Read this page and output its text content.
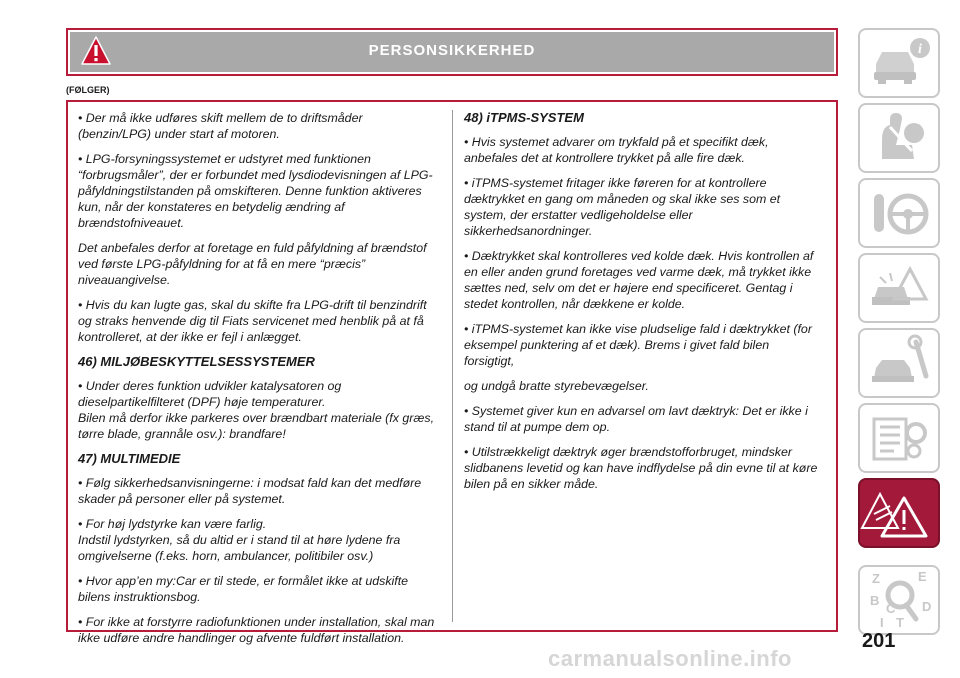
PERSONSIKKERHED
(FØLGER)

• Der må ikke udføres skift mellem de to driftsmåder (benzin/LPG) under start af motoren.

• LPG-forsyningssystemet er udstyret med funktionen “forbrugsmåler”, der er forbundet med lysdiodevisningen af LPG-påfyldningstilstanden på omskifteren. Denne funktion aktiveres kun, når der konstateres en betydelig ændring af brændstofniveauet.

Det anbefales derfor at foretage en fuld påfyldning af brændstof ved første LPG-påfyldning for at få en mere “præcis” niveauangivelse.

• Hvis du kan lugte gas, skal du skifte fra LPG-drift til benzindrift og straks henvende dig til Fiats servicenet med henblik på at få kontrolleret, at der ikke er fejl i anlægget.

46) MILJØBESKYTTELSESSYSTEMER

• Under deres funktion udvikler katalysatoren og dieselpartikelfilteret (DPF) høje temperaturer.

Bilen må derfor ikke parkeres over brændbart materiale (fx græs, tørre blade, grannåle osv.): brandfare!

47) MULTIMEDIE

• Følg sikkerhedsanvisningerne: i modsat fald kan det medføre skader på personer eller på systemet.

• For høj lydstyrke kan være farlig.

Indstil lydstyrken, så du altid er i stand til at høre lydene fra omgivelserne (f.eks. horn, ambulancer, politibiler osv.)

• Hvor app’en my:Car er til stede, er formålet ikke at udskifte bilens instruktionsbog.

• For ikke at forstyrre radiofunktionen under installation, skal man ikke udføre andre handlinger og afvente fuldført installation.

48) iTPMS-SYSTEM

• Hvis systemet advarer om trykfald på et specifikt dæk, anbefales det at kontrollere trykket på alle fire dæk.

• iTPMS-systemet fritager ikke føreren for at kontrollere dæktrykket en gang om måneden og skal ikke ses som et system, der erstatter vedligeholdelse eller sikkerhedsanordninger.

• Dæktrykket skal kontrolleres ved kolde dæk. Hvis kontrollen af en eller anden grund foretages ved varme dæk, må trykket ikke sættes ned, selv om det er højere end specificeret. Gentag i stedet kontrollen, når dækkene er kolde.

• iTPMS-systemet kan ikke vise pludselige fald i dæktrykket (for eksempel punktering af et dæk). Brems i givet fald bilen forsigtigt,

og undgå bratte styrebevægelser.

• Systemet giver kun en advarsel om lavt dæktryk: Det er ikke i stand til at pumpe dem op.

• Utilstrækkeligt dæktryk øger brændstofforbruget, mindsker slidbanens levetid og kan have indflydelse på din evne til at køre bilen på en sikker måde.

i
Z	E
B
C D
I T
201
carmanualsonline.info
